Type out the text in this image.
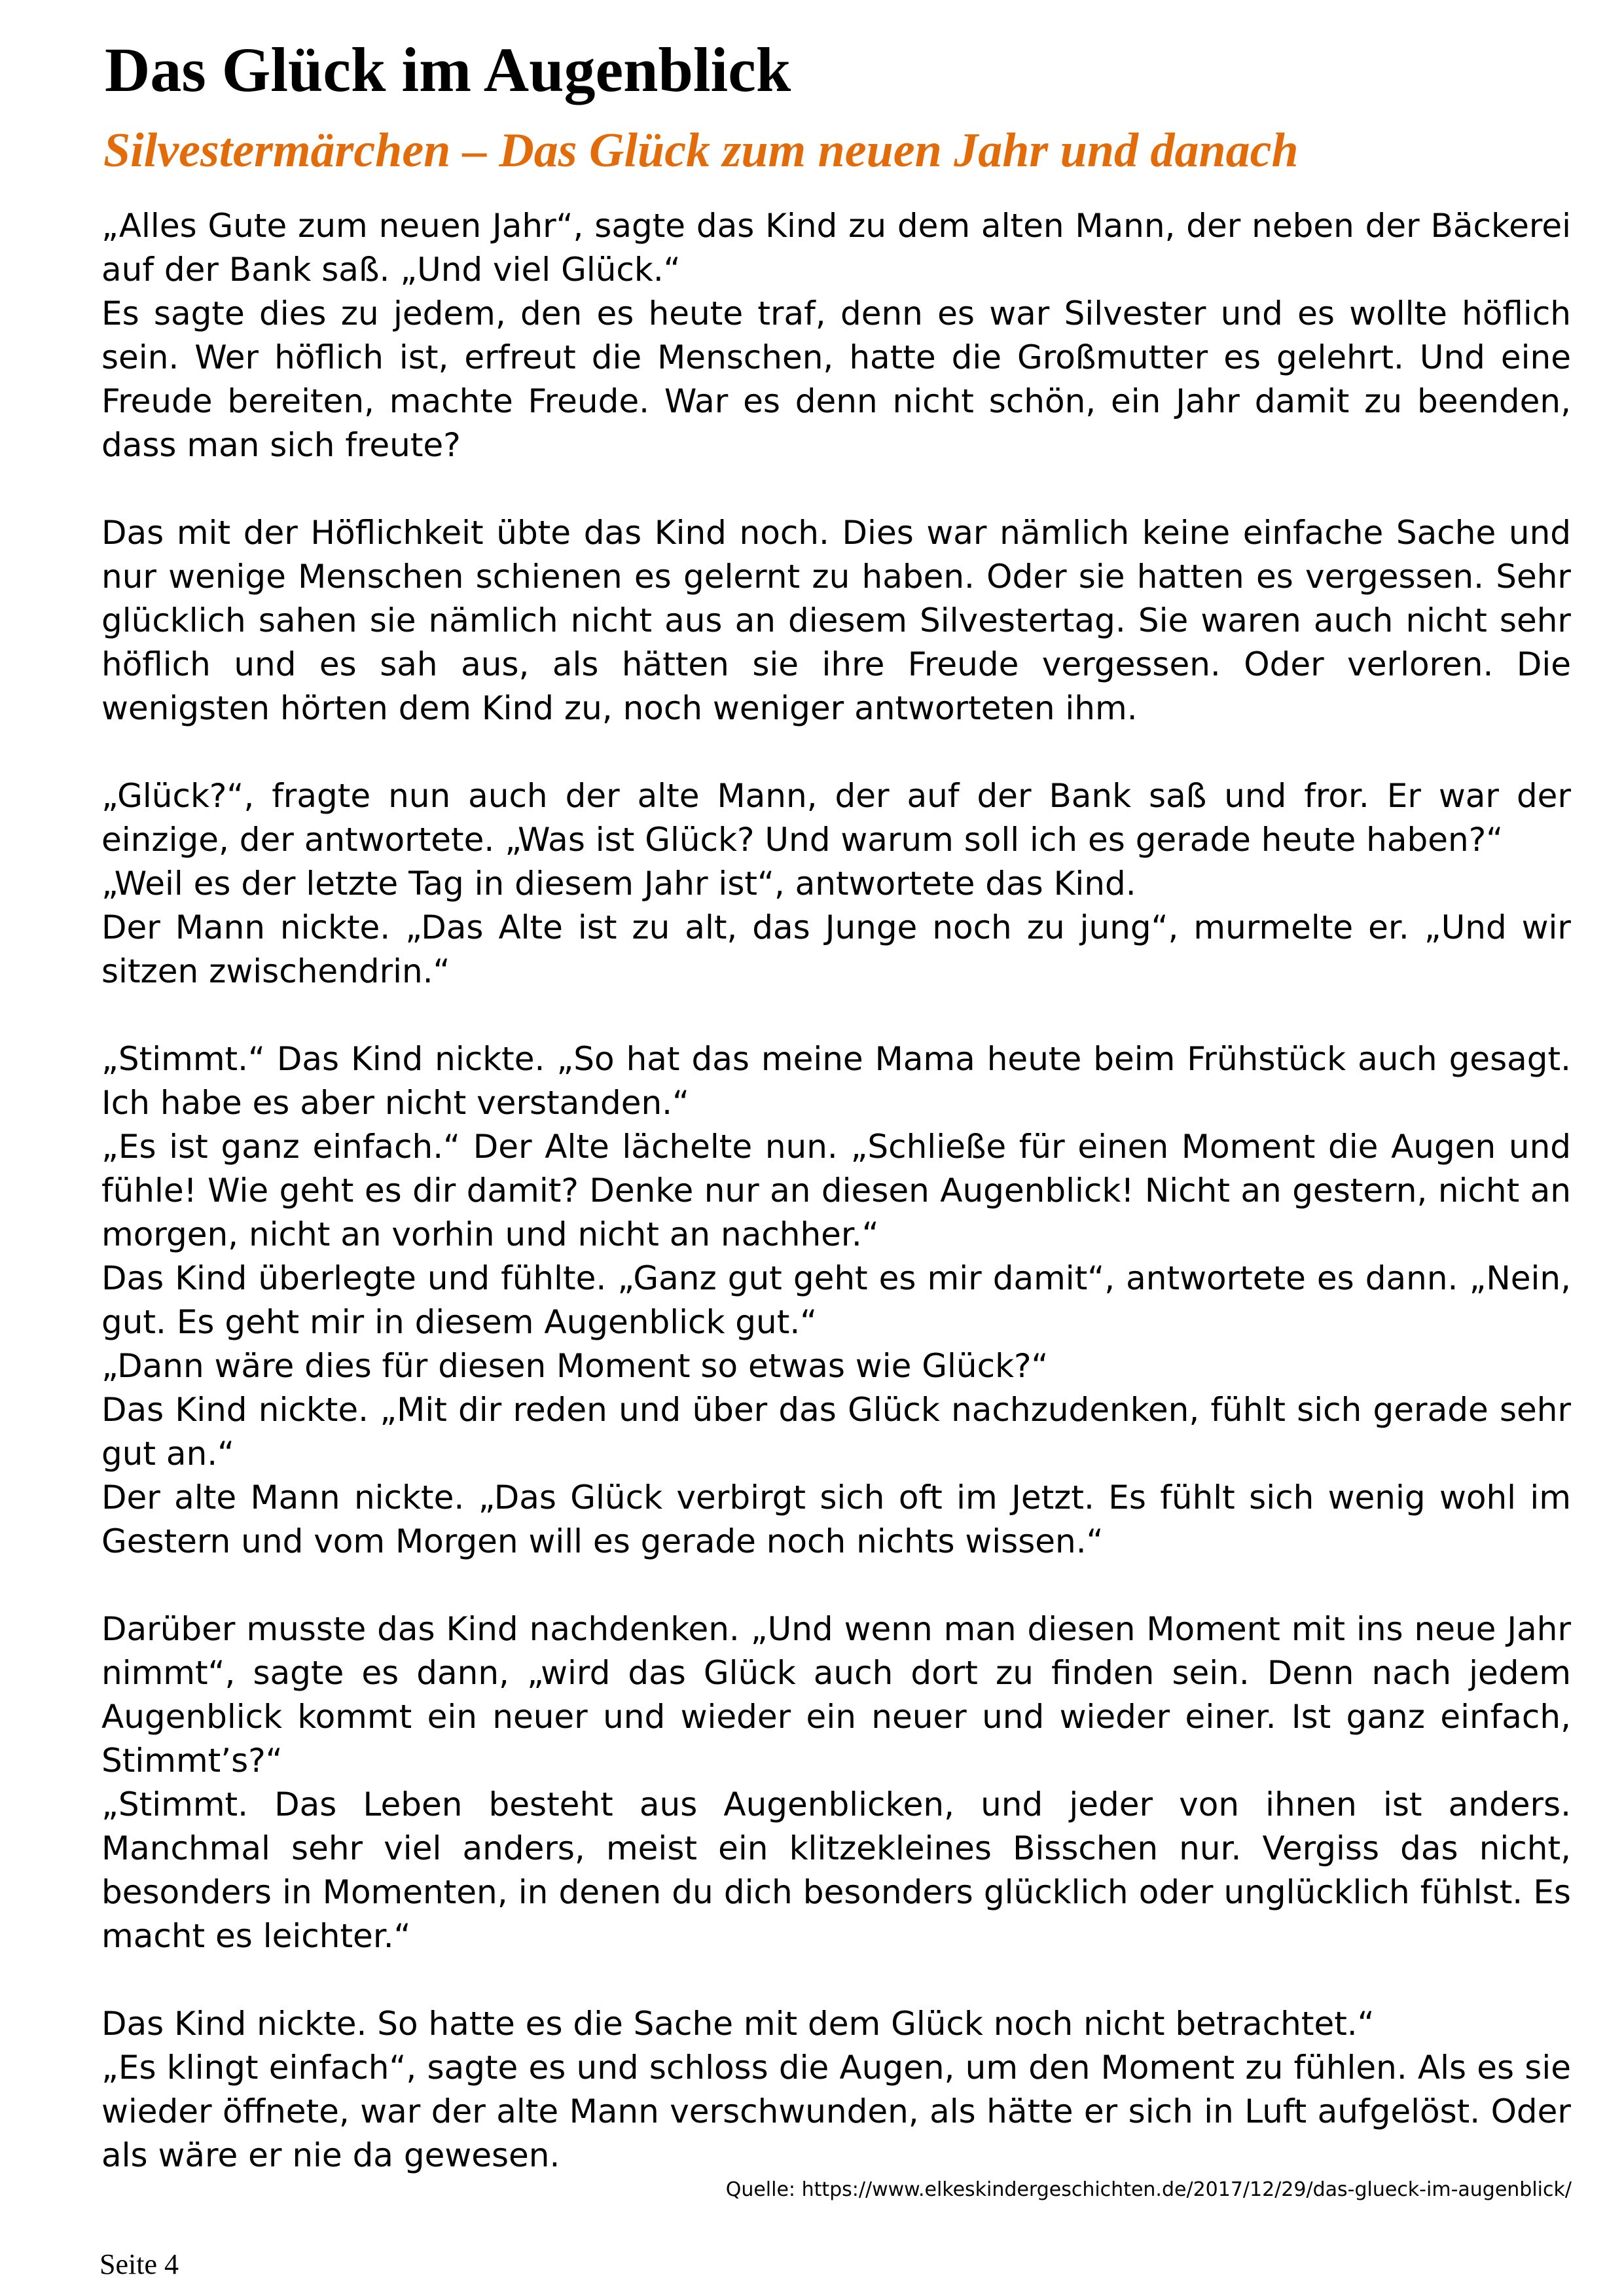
Das Glück im Augenblick
Silvestermärchen – Das Glück zum neuen Jahr und danach

„Alles Gute zum neuen Jahr“, sagte das Kind zu dem alten Mann, der neben der Bäckerei auf der Bank saß. „Und viel Glück.“
Es sagte dies zu jedem, den es heute traf, denn es war Silvester und es wollte höflich sein. Wer höflich ist, erfreut die Menschen, hatte die Großmutter es gelehrt. Und eine Freude bereiten, machte Freude. War es denn nicht schön, ein Jahr damit zu beenden, dass man sich freute?

Das mit der Höflichkeit übte das Kind noch. Dies war nämlich keine einfache Sache und nur wenige Menschen schienen es gelernt zu haben. Oder sie hatten es vergessen. Sehr glücklich sahen sie nämlich nicht aus an diesem Silvestertag. Sie waren auch nicht sehr höflich und es sah aus, als hätten sie ihre Freude vergessen. Oder verloren. Die wenigsten hörten dem Kind zu, noch weniger antworteten ihm.

„Glück?“, fragte nun auch der alte Mann, der auf der Bank saß und fror. Er war der einzige, der antwortete. „Was ist Glück? Und warum soll ich es gerade heute haben?“
„Weil es der letzte Tag in diesem Jahr ist“, antwortete das Kind.
Der Mann nickte. „Das Alte ist zu alt, das Junge noch zu jung“, murmelte er. „Und wir sitzen zwischendrin.“

„Stimmt.“ Das Kind nickte. „So hat das meine Mama heute beim Frühstück auch gesagt. Ich habe es aber nicht verstanden.“
„Es ist ganz einfach.“ Der Alte lächelte nun. „Schließe für einen Moment die Augen und fühle! Wie geht es dir damit? Denke nur an diesen Augenblick! Nicht an gestern, nicht an morgen, nicht an vorhin und nicht an nachher.“
Das Kind überlegte und fühlte. „Ganz gut geht es mir damit“, antwortete es dann. „Nein, gut. Es geht mir in diesem Augenblick gut.“
„Dann wäre dies für diesen Moment so etwas wie Glück?“
Das Kind nickte. „Mit dir reden und über das Glück nachzudenken, fühlt sich gerade sehr gut an.“
Der alte Mann nickte. „Das Glück verbirgt sich oft im Jetzt. Es fühlt sich wenig wohl im Gestern und vom Morgen will es gerade noch nichts wissen.“

Darüber musste das Kind nachdenken. „Und wenn man diesen Moment mit ins neue Jahr nimmt“, sagte es dann, „wird das Glück auch dort zu finden sein. Denn nach jedem Augenblick kommt ein neuer und wieder ein neuer und wieder einer. Ist ganz einfach, Stimmt’s?“
„Stimmt. Das Leben besteht aus Augenblicken, und jeder von ihnen ist anders. Manchmal sehr viel anders, meist ein klitzekleines Bisschen nur. Vergiss das nicht, besonders in Momenten, in denen du dich besonders glücklich oder unglücklich fühlst. Es macht es leichter.“

Das Kind nickte. So hatte es die Sache mit dem Glück noch nicht betrachtet.“
„Es klingt einfach“, sagte es und schloss die Augen, um den Moment zu fühlen. Als es sie wieder öffnete, war der alte Mann verschwunden, als hätte er sich in Luft aufgelöst. Oder als wäre er nie da gewesen.

Quelle: https://www.elkeskindergeschichten.de/2017/12/29/das-glueck-im-augenblick/
Seite 4
